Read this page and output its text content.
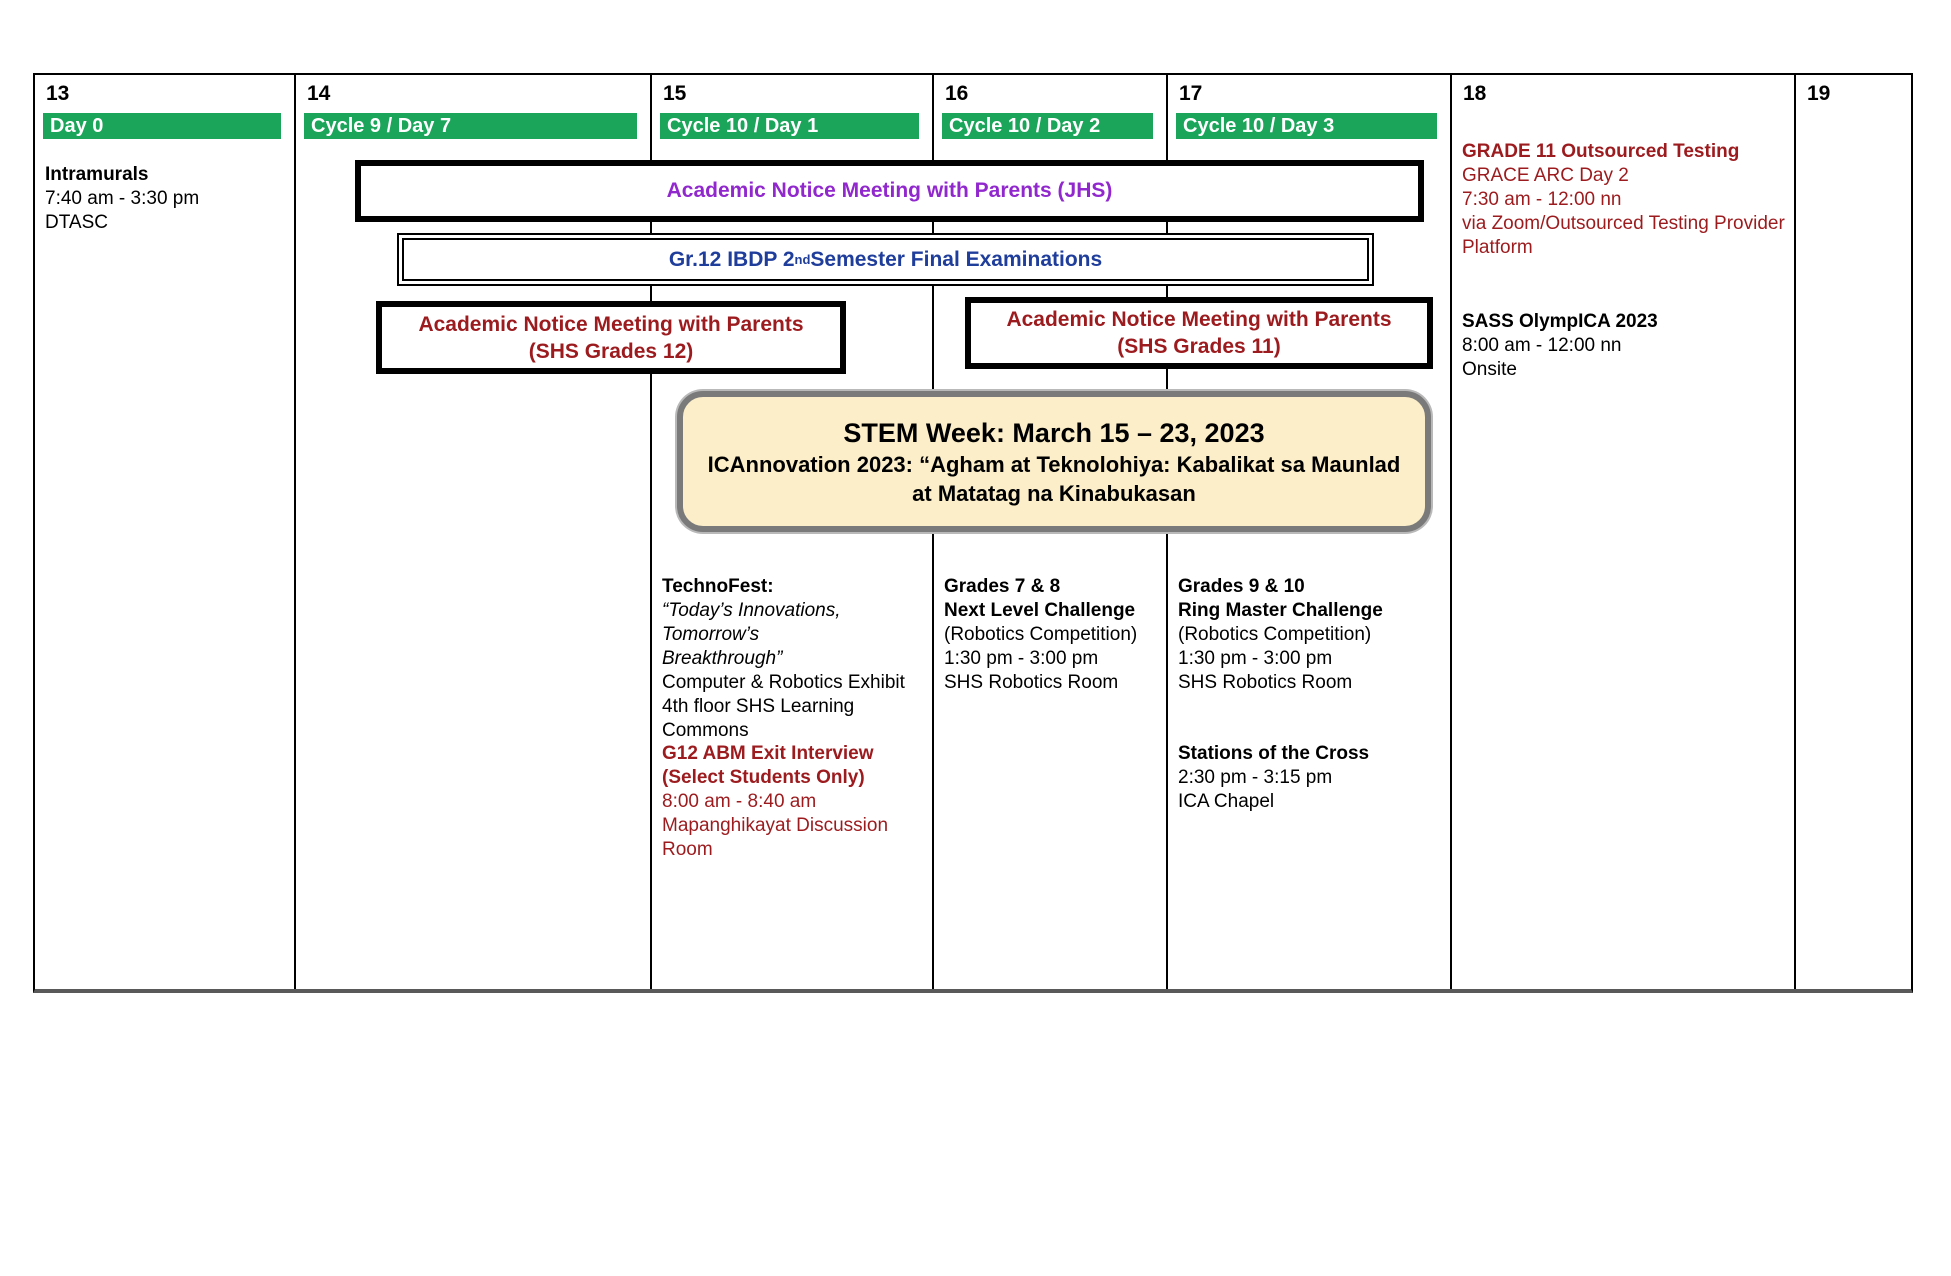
13
Day 0
Intramurals
7:40 am - 3:30 pm
DTASC
14
Cycle 9 / Day 7
15
Cycle 10 / Day 1
TechnoFest:
“Today’s Innovations, Tomorrow’s
Breakthrough”
Computer & Robotics Exhibit
4th floor SHS Learning Commons
G12 ABM Exit Interview
(Select Students Only)
8:00 am - 8:40 am
Mapanghikayat Discussion Room
16
Cycle 10 / Day 2
Grades 7 & 8
Next Level Challenge
(Robotics Competition)
1:30 pm - 3:00 pm
SHS Robotics Room
17
Cycle 10 / Day 3
Grades 9 & 10
Ring Master Challenge
(Robotics Competition)
1:30 pm - 3:00 pm
SHS Robotics Room
Stations of the Cross
2:30 pm - 3:15 pm
ICA Chapel
18
GRADE 11 Outsourced Testing
GRACE ARC Day 2
7:30 am - 12:00 nn
via Zoom/Outsourced Testing Provider Platform
SASS OlympICA 2023
8:00 am - 12:00 nn
Onsite
19
Academic Notice Meeting with Parents (JHS)
Gr.12 IBDP 2 nd Semester Final Examinations
Academic Notice Meeting with Parents
(SHS Grades 12)
Academic Notice Meeting with Parents
(SHS Grades 11)
STEM Week: March 15 – 23, 2023
ICAnnovation 2023: “Agham at Teknolohiya: Kabalikat sa Maunlad
at Matatag na Kinabukasan
